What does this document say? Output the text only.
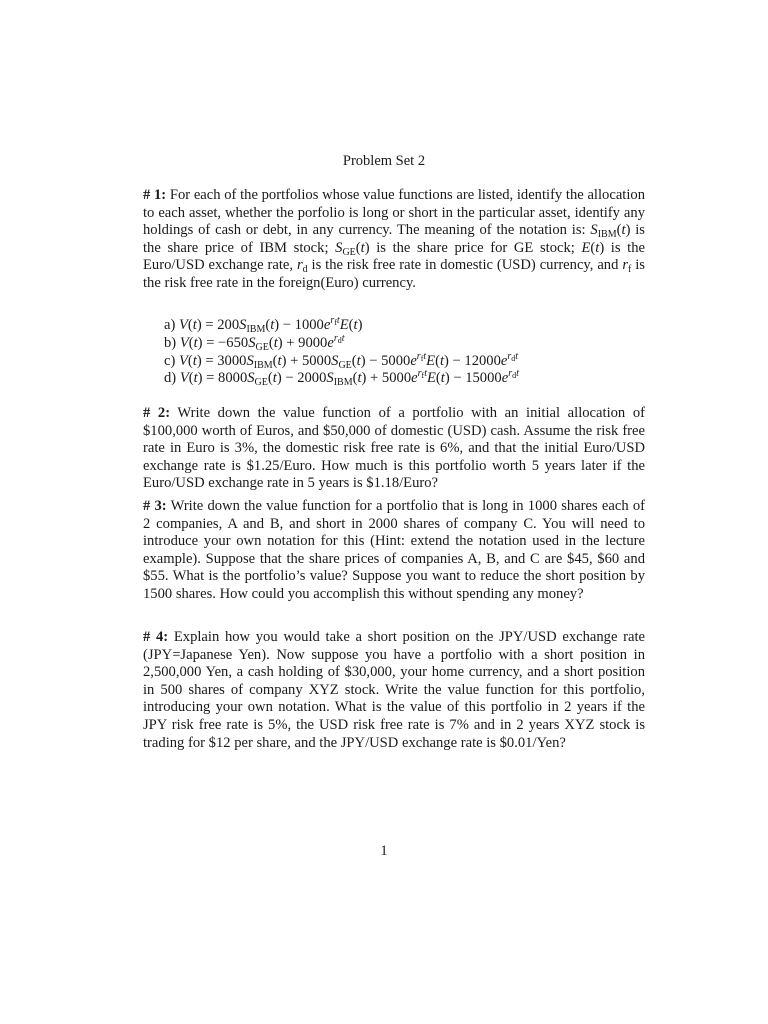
Problem Set 2

# 1: For each of the portfolios whose value functions are listed, identify the allocation to each asset, whether the porfolio is long or short in the particular asset, identify any holdings of cash or debt, in any currency. The meaning of the notation is: $S_{IBM}(t)$ is the share price of IBM stock; $S_{GE}(t)$ is the share price for GE stock; E(t) is the Euro/USD exchange rate, $r_d$ is the risk free rate in domestic (USD) currency, and $r_f$ is the risk free rate in the foreign(Euro) currency.

a) $V(t) = 200S_{IBM}(t) - 1000e^{r_ft}E(t)$
b) $V(t) = -650S_{GE}(t) + 9000e^{r_dt}$
c) $V(t) = 3000S_{IBM}(t) + 5000S_{GE}(t) - 5000e^{r_ft}E(t) - 12000e^{r_dt}$
d) $V(t) = 8000S_{GE}(t) - 2000S_{IBM}(t) + 5000e^{r_ft}E(t) - 15000e^{r_dt}$

# 2: Write down the value function of a portfolio with an initial allocation of $100,000 worth of Euros, and $50,000 of domestic (USD) cash. Assume the risk free rate in Euro is 3%, the domestic risk free rate is 6%, and that the initial Euro/USD exchange rate is $1.25/Euro. How much is this portfolio worth 5 years later if the Euro/USD exchange rate in 5 years is $1.18/Euro?

# 3: Write down the value function for a portfolio that is long in 1000 shares each of 2 companies, A and B, and short in 2000 shares of company C. You will need to introduce your own notation for this (Hint: extend the notation used in the lecture example). Suppose that the share prices of companies A, B, and C are $45, $60 and $55. What is the portfolio’s value? Suppose you want to reduce the short position by 1500 shares. How could you accomplish this without spending any money?

# 4: Explain how you would take a short position on the JPY/USD exchange rate (JPY=Japanese Yen). Now suppose you have a portfolio with a short position in 2,500,000 Yen, a cash holding of $30,000, your home currency, and a short position in 500 shares of company XYZ stock. Write the value function for this portfolio, introducing your own notation. What is the value of this portfolio in 2 years if the JPY risk free rate is 5%, the USD risk free rate is 7% and in 2 years XYZ stock is trading for $12 per share, and the JPY/USD exchange rate is $0.01/Yen?

1
